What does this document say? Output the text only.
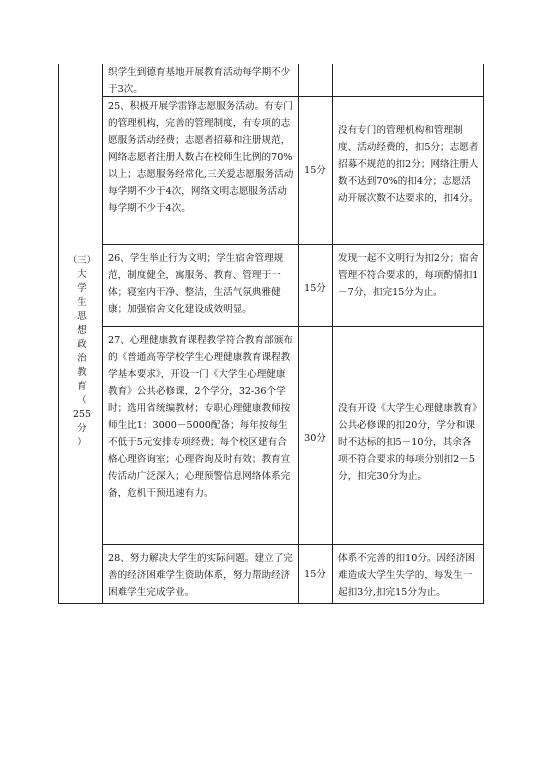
（三）
大
学
生
思
想
政
治
教
育
（
255
分
）
织学生到德育基地开展教育活动每学期不少于3次。
25、积极开展学雷锋志愿服务活动。有专门的管理机构，完善的管理制度，有专项的志愿服务活动经费；志愿者招募和注册规范，网络志愿者注册人数占在校师生比例的70%以上；志愿服务经常化,三关爱志愿服务活动每学期不少于4次，网络文明志愿服务活动每学期不少于4次。
15分
没有专门的管理机构和管理制度、活动经费的，扣5分；志愿者招募不规范的扣2分；网络注册人数不达到70%的扣4分；志愿活动开展次数不达要求的，扣4分。
26、学生举止行为文明；学生宿舍管理规范，制度健全，寓服务、教育、管理于一体；寝室内干净、整洁，生活气氛典雅健康；加强宿舍文化建设成效明显。
15分
发现一起不文明行为扣2分；宿舍管理不符合要求的，每项酌情扣1－7分，扣完15分为止。
27、心理健康教育课程教学符合教育部颁布的《普通高等学校学生心理健康教育课程教学基本要求》，开设一门《大学生心理健康教育》公共必修课，2个学分，32-36个学时；选用省统编教材；专职心理健康教师按师生比1：3000－5000配备；每年按每生不低于5元安排专项经费；每个校区建有合格心理咨询室；心理咨询及时有效；教育宣传活动广泛深入；心理预警信息网络体系完备，危机干预迅速有力。
30分
没有开设《大学生心理健康教育》公共必修课的扣20分，学分和课时不达标的扣5－10分，其余各项不符合要求的每项分别扣2－5分，扣完30分为止。
28、努力解决大学生的实际问题。建立了完善的经济困难学生资助体系，努力帮助经济困难学生完成学业。
15分
体系不完善的扣10分。因经济困难造成大学生失学的，每发生一起扣3分,扣完15分为止。
